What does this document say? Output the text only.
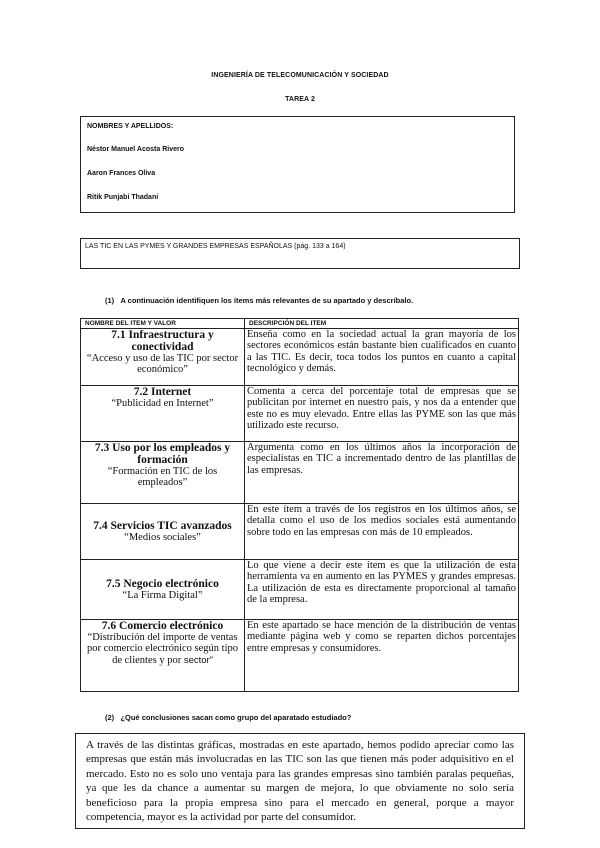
INGENIERÍA DE TELECOMUNICACIÓN Y SOCIEDAD
TAREA 2
NOMBRES Y APELLIDOS:
Néstor Manuel Acosta Rivero
Aaron Frances Oliva
Ritik Punjabi Thadani
LAS TIC EN LAS PYMES Y GRANDES EMPRESAS ESPAÑOLAS (pág. 133 a 164)
(1) A continuación identifiquen los ítems más relevantes de su apartado y descríbalo.
NOMBRE DEL ITEM Y VALOR	DESCRIPCIÓN DEL ITEM

7.1 Infraestructura y conectividad
“Acceso y uso de las TIC por sector económico”	Enseña como en la sociedad actual la gran mayoría de los sectores económicos están bastante bien cualificados en cuanto a las TIC. Es decir, toca todos los puntos en cuanto a capital tecnológico y demás.

7.2 Internet
“Publicidad en Internet”	Comenta a cerca del porcentaje total de empresas que se publicitan por internet en nuestro país, y nos da a entender que este no es muy elevado. Entre ellas las PYME son las que más utilizado este recurso.

7.3 Uso por los empleados y formación
“Formación en TIC de los empleados”	Argumenta como en los últimos años la incorporación de especialistas en TIC a incrementado dentro de las plantillas de las empresas.

7.4 Servicios TIC avanzados
“Medios sociales”	En este ítem a través de los registros en los últimos años, se detalla como el uso de los medios sociales está aumentando sobre todo en las empresas con más de 10 empleados.

7.5 Negocio electrónico
“La Firma Digital”	Lo que viene a decir este ítem es que la utilización de esta herramienta va en aumento en las PYMES y grandes empresas. La utilización de esta es directamente proporcional al tamaño de la empresa.

7.6 Comercio electrónico
“Distribución del importe de ventas por comercio electrónico según tipo de clientes y por sector”	En este apartado se hace mención de la distribución de ventas mediante página web y como se reparten dichos porcentajes entre empresas y consumidores.
(2) ¿Qué conclusiones sacan como grupo del aparatado estudiado?
A través de las distintas gráficas, mostradas en este apartado, hemos podido apreciar como las empresas que están más involucradas en las TIC son las que tienen más poder adquisitivo en el mercado. Esto no es solo uno ventaja para las grandes empresas sino también paralas pequeñas, ya que les da chance a aumentar su margen de mejora, lo que obviamente no solo sería beneficioso para la propia empresa sino para el mercado en general, porque a mayor competencia, mayor es la actividad por parte del consumidor.
